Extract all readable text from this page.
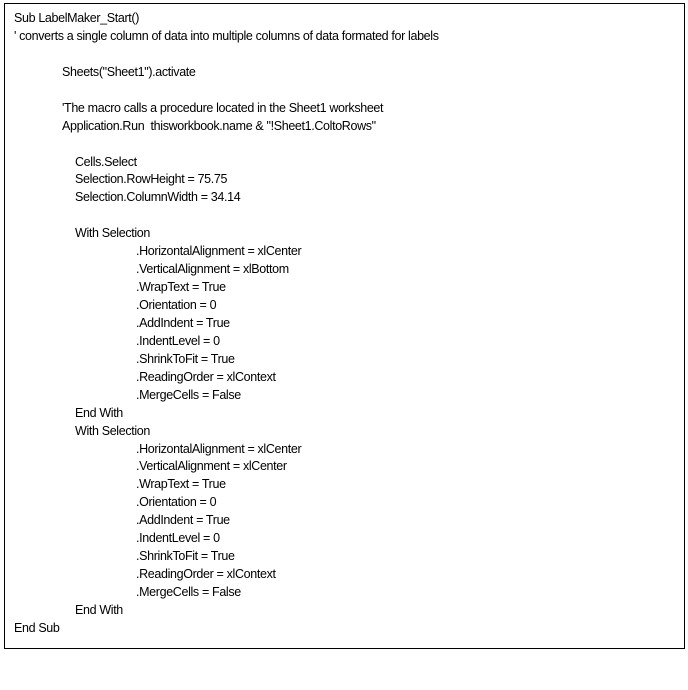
Sub LabelMaker_Start()
' converts a single column of data into multiple columns of data formated for labels
Sheets("Sheet1").activate
'The macro calls a procedure located in the Sheet1 worksheet
Application.Run  thisworkbook.name & "!Sheet1.ColtoRows"
Cells.Select
Selection.RowHeight = 75.75
Selection.ColumnWidth = 34.14
With Selection
.HorizontalAlignment = xlCenter
.VerticalAlignment = xlBottom
.WrapText = True
.Orientation = 0
.AddIndent = True
.IndentLevel = 0
.ShrinkToFit = True
.ReadingOrder = xlContext
.MergeCells = False
End With
With Selection
.HorizontalAlignment = xlCenter
.VerticalAlignment = xlCenter
.WrapText = True
.Orientation = 0
.AddIndent = True
.IndentLevel = 0
.ShrinkToFit = True
.ReadingOrder = xlContext
.MergeCells = False
End With
End Sub
